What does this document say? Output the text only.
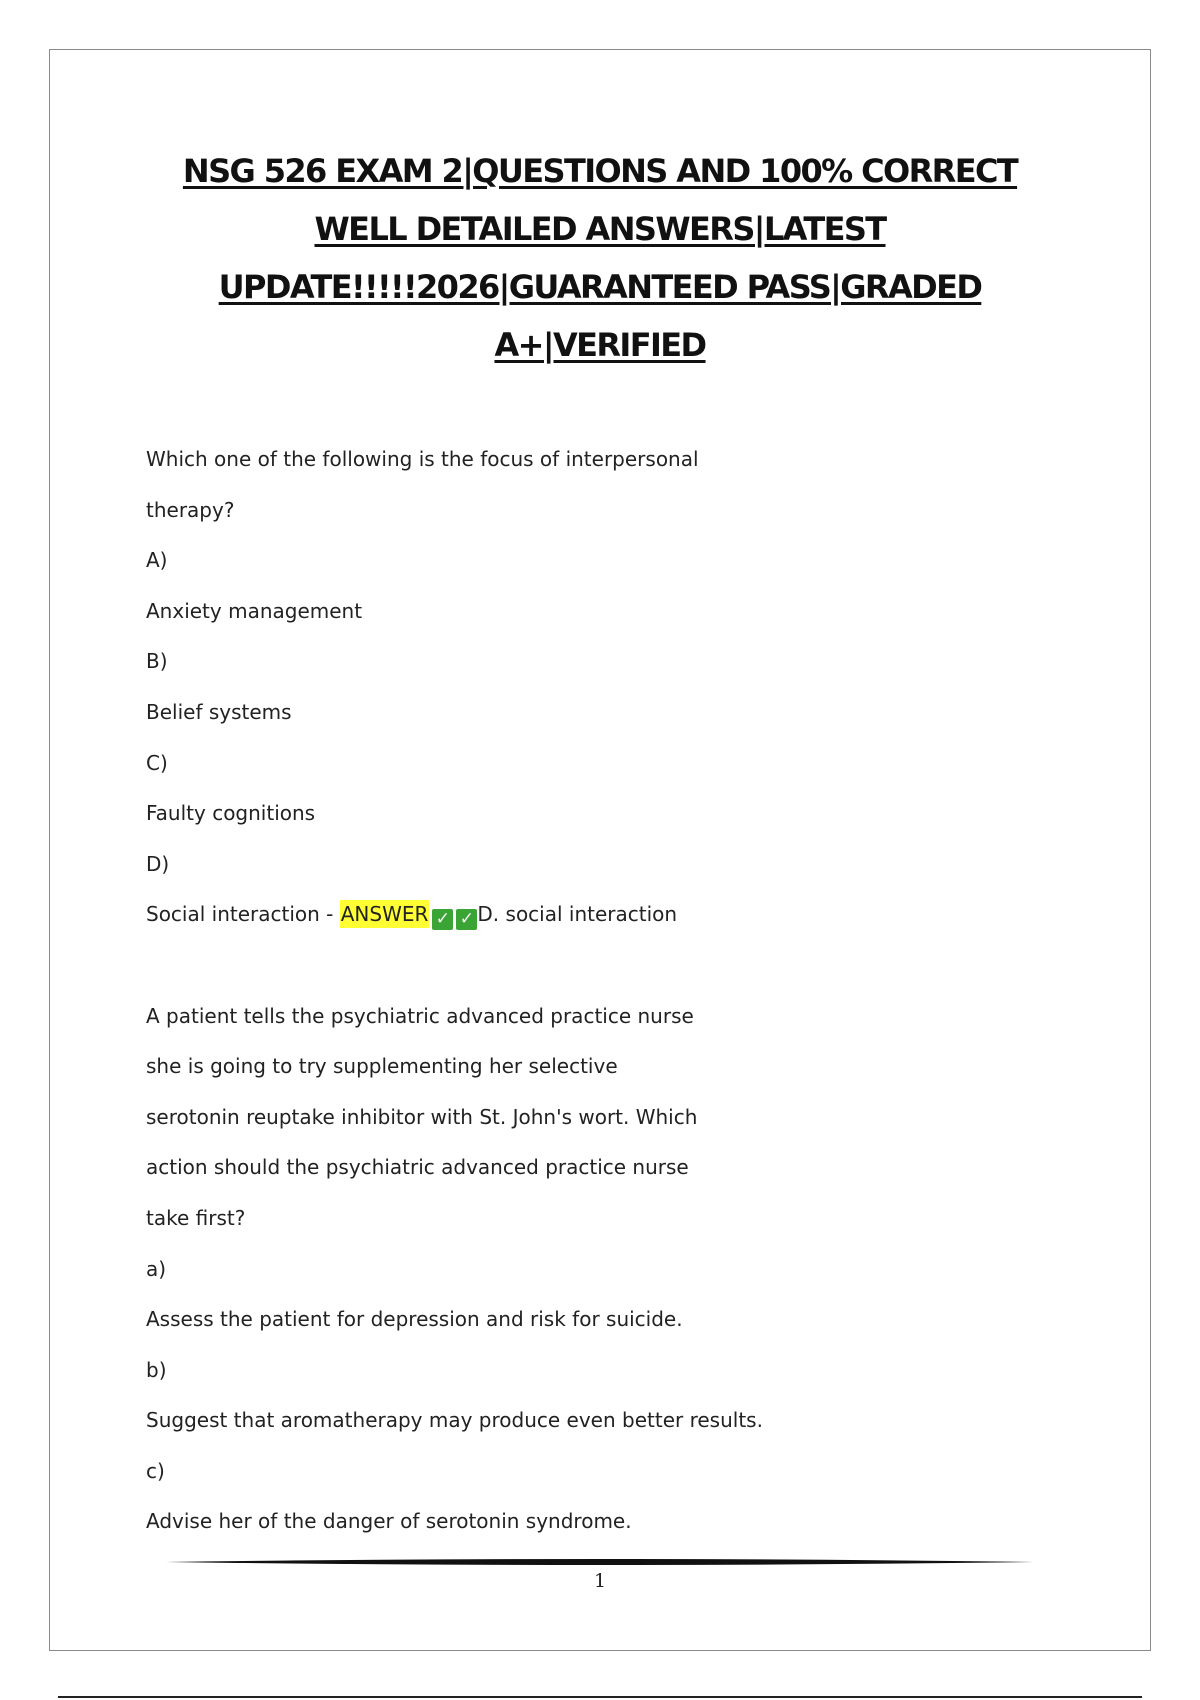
NSG 526 EXAM 2|QUESTIONS AND 100% CORRECT
WELL DETAILED ANSWERS|LATEST
UPDATE!!!!!2026|GUARANTEED PASS|GRADED
A+|VERIFIED
Which one of the following is the focus of interpersonal
therapy?
A)
Anxiety management
B)
Belief systems
C)
Faulty cognitions
D)
Social interaction - ANSWER ✓ ✓ D. social interaction
A patient tells the psychiatric advanced practice nurse
she is going to try supplementing her selective
serotonin reuptake inhibitor with St. John's wort. Which
action should the psychiatric advanced practice nurse
take first?
a)
Assess the patient for depression and risk for suicide.
b)
Suggest that aromatherapy may produce even better results.
c)
Advise her of the danger of serotonin syndrome.
1
